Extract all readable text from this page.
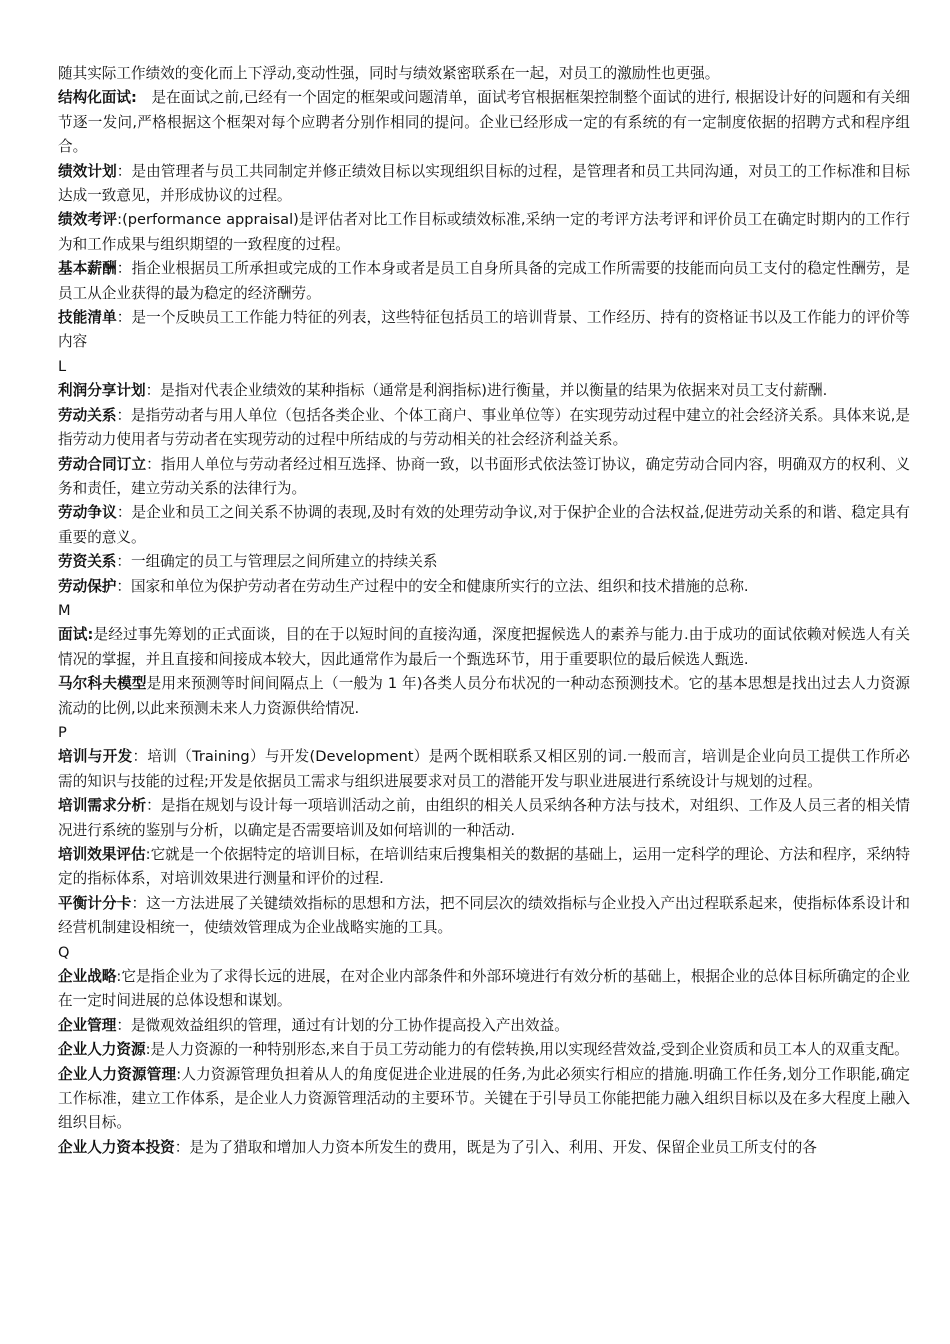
随其实际工作绩效的变化而上下浮动,变动性强，同时与绩效紧密联系在一起，对员工的激励性也更强。

结构化面试:　是在面试之前,已经有一个固定的框架或问题清单，面试考官根据框架控制整个面试的进行, 根据设计好的问题和有关细节逐一发问,严格根据这个框架对每个应聘者分别作相同的提问。企业已经形成一定的有系统的有一定制度依据的招聘方式和程序组合。

绩效计划：是由管理者与员工共同制定并修正绩效目标以实现组织目标的过程，是管理者和员工共同沟通，对员工的工作标准和目标达成一致意见，并形成协议的过程。

绩效考评:(performance appraisal)是评估者对比工作目标或绩效标准,采纳一定的考评方法考评和评价员工在确定时期内的工作行为和工作成果与组织期望的一致程度的过程。

基本薪酬：指企业根据员工所承担或完成的工作本身或者是员工自身所具备的完成工作所需要的技能而向员工支付的稳定性酬劳，是员工从企业获得的最为稳定的经济酬劳。

技能清单：是一个反映员工工作能力特征的列表，这些特征包括员工的培训背景、工作经历、持有的资格证书以及工作能力的评价等内容

L

利润分享计划：是指对代表企业绩效的某种指标（通常是利润指标)进行衡量，并以衡量的结果为依据来对员工支付薪酬.

劳动关系：是指劳动者与用人单位（包括各类企业、个体工商户、事业单位等）在实现劳动过程中建立的社会经济关系。具体来说,是指劳动力使用者与劳动者在实现劳动的过程中所结成的与劳动相关的社会经济利益关系。

劳动合同订立：指用人单位与劳动者经过相互选择、协商一致，以书面形式依法签订协议，确定劳动合同内容，明确双方的权利、义务和责任，建立劳动关系的法律行为。

劳动争议：是企业和员工之间关系不协调的表现,及时有效的处理劳动争议,对于保护企业的合法权益,促进劳动关系的和谐、稳定具有重要的意义。

劳资关系：一组确定的员工与管理层之间所建立的持续关系

劳动保护：国家和单位为保护劳动者在劳动生产过程中的安全和健康所实行的立法、组织和技术措施的总称.

M

面试:是经过事先筹划的正式面谈，目的在于以短时间的直接沟通，深度把握候选人的素养与能力.由于成功的面试依赖对候选人有关情况的掌握，并且直接和间接成本较大，因此通常作为最后一个甄选环节，用于重要职位的最后候选人甄选.

马尔科夫模型是用来预测等时间间隔点上（一般为 1 年)各类人员分布状况的一种动态预测技术。它的基本思想是找出过去人力资源流动的比例,以此来预测未来人力资源供给情况.

P

培训与开发：培训（Training）与开发(Development）是两个既相联系又相区别的词.一般而言，培训是企业向员工提供工作所必需的知识与技能的过程;开发是依据员工需求与组织进展要求对员工的潜能开发与职业进展进行系统设计与规划的过程。

培训需求分析：是指在规划与设计每一项培训活动之前，由组织的相关人员采纳各种方法与技术，对组织、工作及人员三者的相关情况进行系统的鉴别与分析，以确定是否需要培训及如何培训的一种活动.

培训效果评估:它就是一个依据特定的培训目标，在培训结束后搜集相关的数据的基础上，运用一定科学的理论、方法和程序，采纳特定的指标体系，对培训效果进行测量和评价的过程.

平衡计分卡：这一方法进展了关键绩效指标的思想和方法，把不同层次的绩效指标与企业投入产出过程联系起来，使指标体系设计和经营机制建设相统一，使绩效管理成为企业战略实施的工具。

Q

企业战略:它是指企业为了求得长远的进展，在对企业内部条件和外部环境进行有效分析的基础上，根据企业的总体目标所确定的企业在一定时间进展的总体设想和谋划。

企业管理：是微观效益组织的管理，通过有计划的分工协作提高投入产出效益。

企业人力资源:是人力资源的一种特别形态,来自于员工劳动能力的有偿转换,用以实现经营效益,受到企业资质和员工本人的双重支配。

企业人力资源管理:人力资源管理负担着从人的角度促进企业进展的任务,为此必须实行相应的措施.明确工作任务,划分工作职能,确定工作标准，建立工作体系，是企业人力资源管理活动的主要环节。关键在于引导员工你能把能力融入组织目标以及在多大程度上融入组织目标。

企业人力资本投资：是为了猎取和增加人力资本所发生的费用，既是为了引入、利用、开发、保留企业员工所支付的各
